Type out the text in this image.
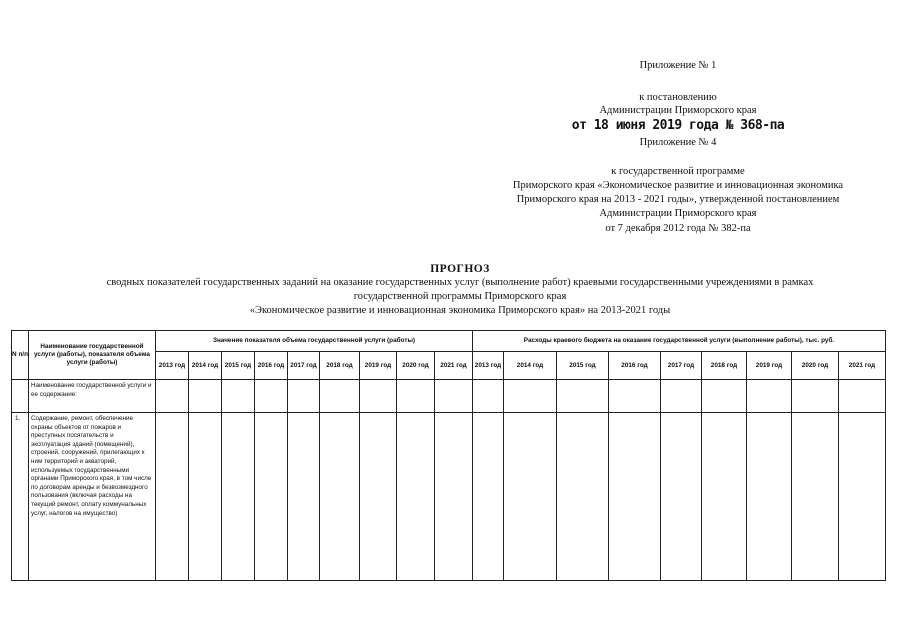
Приложение № 1
к постановлению
Администрации Приморского края
от 18 июня 2019 года № 368-па
Приложение № 4
к государственной программе
Приморского края «Экономическое развитие и инновационная экономика
Приморского края на 2013 - 2021 годы», утвержденной постановлением
Администрации Приморского края
от 7 декабря 2012 года № 382-па
ПРОГНОЗ
сводных показателей государственных заданий на оказание государственных услуг (выполнение работ) краевыми государственными учреждениями в рамках
государственной программы Приморского края
«Экономическое развитие и инновационная экономика Приморского края» на 2013-2021 годы
N п/п	Наименование государственной услуги (работы), показателя объема услуги (работы)	Значение показателя объема государственной услуги (работы)									Расходы краевого бюджета на оказание государственной услуги (выполнение работы), тыс. руб.								
		2013 год	2014 год	2015 год	2016 год	2017 год	2018 год	2019 год	2020 год	2021 год	2013 год	2014 год	2015 год	2016 год	2017 год	2018 год	2019 год	2020 год	2021 год
	Наименование государственной услуги и ее содержание:																		
1.	Содержание, ремонт, обеспечение охраны объектов от пожаров и преступных посягательств и эксплуатация зданий (помещений), строений, сооружений, прилегающих к ним территорий и акваторий, используемых государственными органами Приморского края, в том числе по договорам аренды и безвозмездного пользования (включая расходы на текущий ремонт, оплату коммунальных услуг, налогов на имущество)																		
